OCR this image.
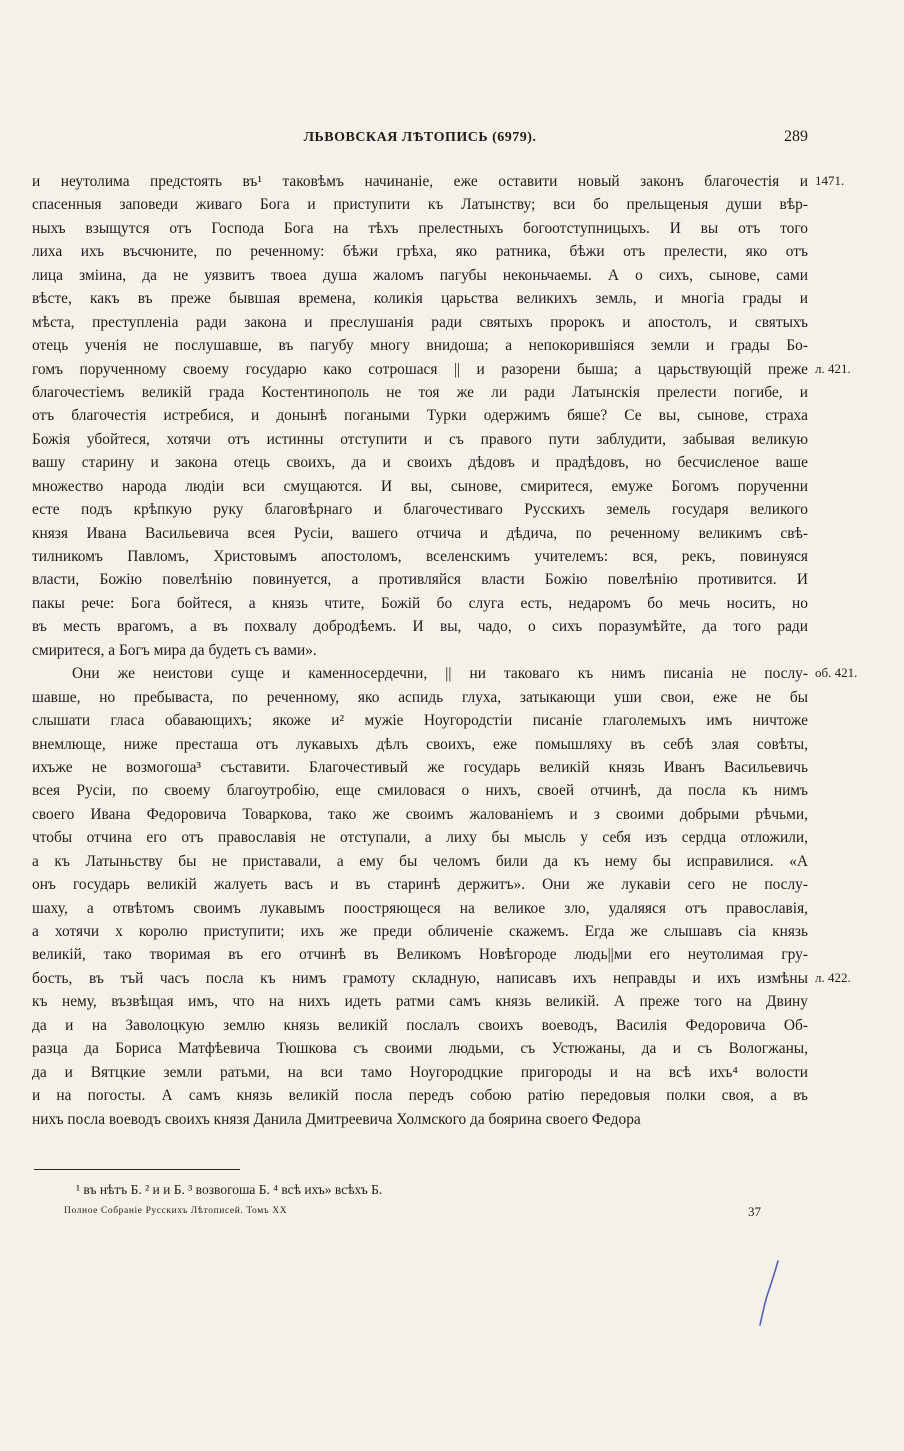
ЛЬВОВСКАЯ ЛѢТОПИСЬ (6979).	289
и неутолима предстоять въ¹ таковѣмъ начинаніе, еже оставити новый законъ благочестія и
спасенныя заповеди живаго Бога и приступити къ Латынству; вси бо прельщеныя души вѣр-
ныхъ взыщутся отъ Господа Бога на тѣхъ прелестныхъ богоотступницыхъ. И вы отъ того
лиха ихъ въсчюните, по реченному: бѣжи грѣха, яко ратника, бѣжи отъ прелести, яко отъ
лица змiина, да не уязвитъ твоеа душа жаломъ пагубы неконьчаемы. А о сихъ, сынове, сами
вѣсте, какъ въ преже бывшая времена, коликія царьства великихъ земль, и многіа грады и
мѣста, преступленіа ради закона и преслушанія ради святыхъ пророкъ и апостолъ, и святыхъ
отець ученія не послушавше, въ пагубу многу внидоша; а непокорившіяся земли и грады Бо-
гомъ порученному своему государю како сотрошася || и разорени быша; а царьствующій преже
благочестіемъ великій града Костентинополь не тоя же ли ради Латынскія прелести погибе, и
отъ благочестія истребися, и донынѣ погаными Турки одержимъ бяше? Се вы, сынове, страха
Божія убойтеся, хотячи отъ истинны отступити и съ правого пути заблудити, забывая великую
вашу старину и закона отець своихъ, да и своихъ дѣдовъ и прадѣдовъ, но бесчисленое ваше
множество народа людіи вси смущаются. И вы, сынове, смиритеся, емуже Богомъ порученни
есте подъ крѣпкую руку благовѣрнаго и благочестиваго Русскихъ земель государя великого
князя Ивана Васильевича всея Русіи, вашего отчича и дѣдича, по реченному великимъ свѣ-
тилникомъ Павломъ, Христовымъ апостоломъ, вселенскимъ учителемъ: вся, рекъ, повинуяся
власти, Божію повелѣнію повинуется, а противляйся власти Божію повелѣнію противится. И
пакы рече: Бога бойтеся, а князь чтите, Божій бо слуга есть, недаромъ бо мечь носить, но
въ месть врагомъ, а въ похвалу добродѣемъ. И вы, чадо, о сихъ поразумѣйте, да того ради
смиритеся, а Богъ мира да будеть съ вами».
Они же неистови суще и каменносердечни, || ни таковаго къ нимъ писаніа не послу-
шавше, но пребываста, по реченному, яко аспидь глуха, затыкающи уши свои, еже не бы
слышати гласа обавающихъ; якоже и² мужіе Ноугородстіи писаніе глаголемыхъ имъ ничтоже
внемлюще, ниже престаша отъ лукавыхъ дѣлъ своихъ, еже помышляху въ себѣ злая совѣты,
ихъже не возмогоша³ съставити. Благочестивый же государь великій князь Иванъ Васильевичь
всея Русіи, по своему благоутробію, еще смиловася о нихъ, своей отчинѣ, да посла къ нимъ
своего Ивана Федоровича Товаркова, тако же своимъ жалованіемъ и з своими добрыми рѣчьми,
чтобы отчина его отъ православія не отступали, а лиху бы мысль у себя изъ сердца отложили,
а къ Латыньству бы не приставали, а ему бы челомъ били да къ нему бы исправилися. «А
онъ государь великій жалуеть васъ и въ старинѣ держитъ». Они же лукавіи сего не послу-
шаху, а отвѣтомъ своимъ лукавымъ поостряющеся на великое зло, удаляяся отъ православія,
а хотячи х королю приступити; ихъ же преди обличеніе скажемъ. Егда же слышавъ сіа князь
великій, тако творимая въ его отчинѣ въ Великомъ Новѣгороде людь||ми его неутолимая гру-
бость, въ тъй часъ посла къ нимъ грамоту складную, написавъ ихъ неправды и ихъ измѣны
къ нему, възвѣщая имъ, что на нихъ идеть ратми самъ князь великій. А преже того на Двину
да и на Заволоцкую землю князь великій послалъ своихъ воеводъ, Василія Федоровича Об-
разца да Бориса Матфѣевича Тюшкова съ своими людьми, съ Устюжаны, да и съ Вологжаны,
да и Вятцкие земли ратьми, на вси тамо Ноугородцкие пригороды и на всѣ ихъ⁴ волости
и на погосты. А самъ князь великій посла передъ собою ратію передовыя полки своя, а въ
нихъ посла воеводъ своихъ князя Данила Дмитреевича Холмского да боярина своего Федора
1471.
л. 421.
об. 421.
л. 422.
¹ въ нѣтъ Б. ² и и Б. ³ возвогоша Б. ⁴ всѣ ихъ» всѣхъ Б.
Полное Собраніе Русскихъ Лѣтописей. Томъ XX	37
